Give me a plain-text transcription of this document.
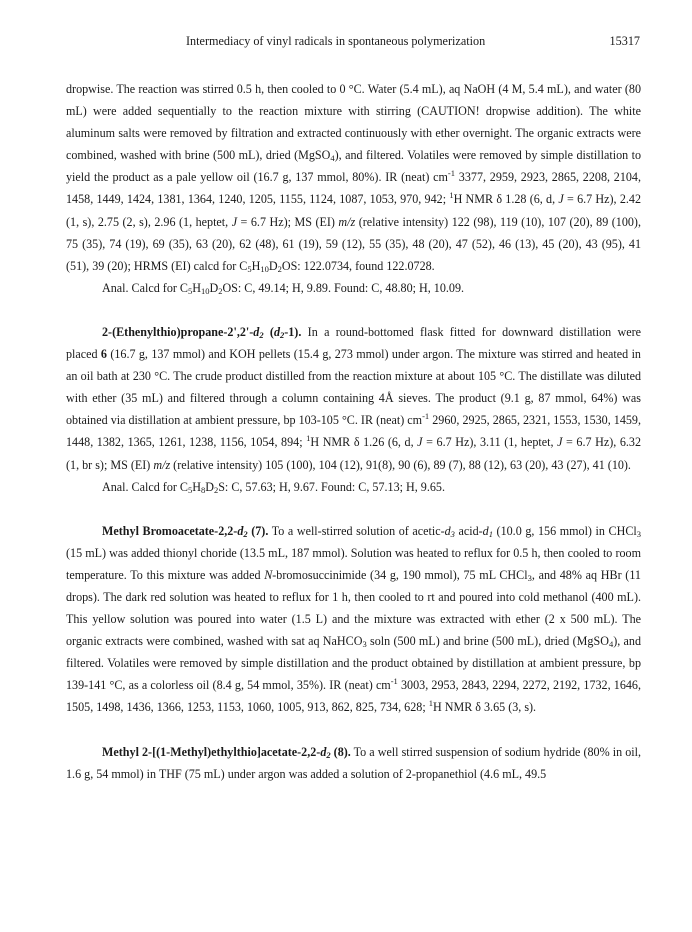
Intermediacy of vinyl radicals in spontaneous polymerization	15317

dropwise. The reaction was stirred 0.5 h, then cooled to 0 °C. Water (5.4 mL), aq NaOH (4 M, 5.4 mL), and water (80 mL) were added sequentially to the reaction mixture with stirring (CAUTION! dropwise addition). The white aluminum salts were removed by filtration and extracted continuously with ether overnight. The organic extracts were combined, washed with brine (500 mL), dried (MgSO$_4$), and filtered. Volatiles were removed by simple distillation to yield the product as a pale yellow oil (16.7 g, 137 mmol, 80%). IR (neat) $cm^{-1}$ 3377, 2959, 2923, 2865, 2208, 2104, 1458, 1449, 1424, 1381, 1364, 1240, 1205, 1155, 1124, 1087, 1053, 970, 942; $^1$H NMR δ 1.28 (6, d, J = 6.7 Hz), 2.42 (1, s), 2.75 (2, s), 2.96 (1, heptet, J = 6.7 Hz); MS (EI) m/z (relative intensity) 122 (98), 119 (10), 107 (20), 89 (100), 75 (35), 74 (19), 69 (35), 63 (20), 62 (48), 61 (19), 59 (12), 55 (35), 48 (20), 47 (52), 46 (13), 45 (20), 43 (95), 41 (51), 39 (20); HRMS (EI) calcd for $C_5H_{10}D_2OS$: 122.0734, found 122.0728.

Anal. Calcd for $C_5H_{10}D_2OS$: C, 49.14; H, 9.89. Found: C, 48.80; H, 10.09.

$2-(Ethenylthio)propane-2',2'-d_2$ $(d_2-1)$. In a round-bottomed flask fitted for downward distillation were placed 6 (16.7 g, 137 mmol) and KOH pellets (15.4 g, 273 mmol) under argon. The mixture was stirred and heated in an oil bath at 230 °C. The crude product distilled from the reaction mixture at about 105 °C. The distillate was diluted with ether (35 mL) and filtered through a column containing 4Å sieves. The product (9.1 g, 87 mmol, 64%) was obtained via distillation at ambient pressure, bp 103-105 °C. IR (neat) $cm^{-1}$ 2960, 2925, 2865, 2321, 1553, 1530, 1459, 1448, 1382, 1365, 1261, 1238, 1156, 1054, 894; $^1$H NMR δ 1.26 (6, d, J = 6.7 Hz), 3.11 (1, heptet, J = 6.7 Hz), 6.32 (1, br s); MS (EI) m/z (relative intensity) 105 (100), 104 (12), 91(8), 90 (6), 89 (7), 88 (12), 63 (20), 43 (27), 41 (10).

Anal. Calcd for $C_5H_8D_2S$: C, 57.63; H, 9.67. Found: C, 57.13; H, 9.65.

Methyl Bromoacetate-$2,2-d_2$ (7). To a well-stirred solution of acetic-$d_3$ acid-$d_1$ (10.0 g, 156 mmol) in CHCl$_3$ (15 mL) was added thionyl choride (13.5 mL, 187 mmol). Solution was heated to reflux for 0.5 h, then cooled to room temperature. To this mixture was added N-bromosuccinimide (34 g, 190 mmol), 75 mL CHCl$_3$, and 48% aq HBr (11 drops). The dark red solution was heated to reflux for 1 h, then cooled to rt and poured into cold methanol (400 mL). This yellow solution was poured into water (1.5 L) and the mixture was extracted with ether (2 x 500 mL). The organic extracts were combined, washed with sat aq NaHCO$_3$ soln (500 mL) and brine (500 mL), dried (MgSO$_4$), and filtered. Volatiles were removed by simple distillation and the product obtained by distillation at ambient pressure, bp 139-141 °C, as a colorless oil (8.4 g, 54 mmol, 35%). IR (neat) $cm^{-1}$ 3003, 2953, 2843, 2294, 2272, 2192, 1732, 1646, 1505, 1498, 1436, 1366, 1253, 1153, 1060, 1005, 913, 862, 825, 734, 628; $^1$H NMR δ 3.65 (3, s).

Methyl $2-[(1-Methyl)ethylthio]acetate-2,2-d_2$ (8). To a well stirred suspension of sodium hydride (80% in oil, 1.6 g, 54 mmol) in THF (75 mL) under argon was added a solution of 2-propanethiol (4.6 mL, 49.5
